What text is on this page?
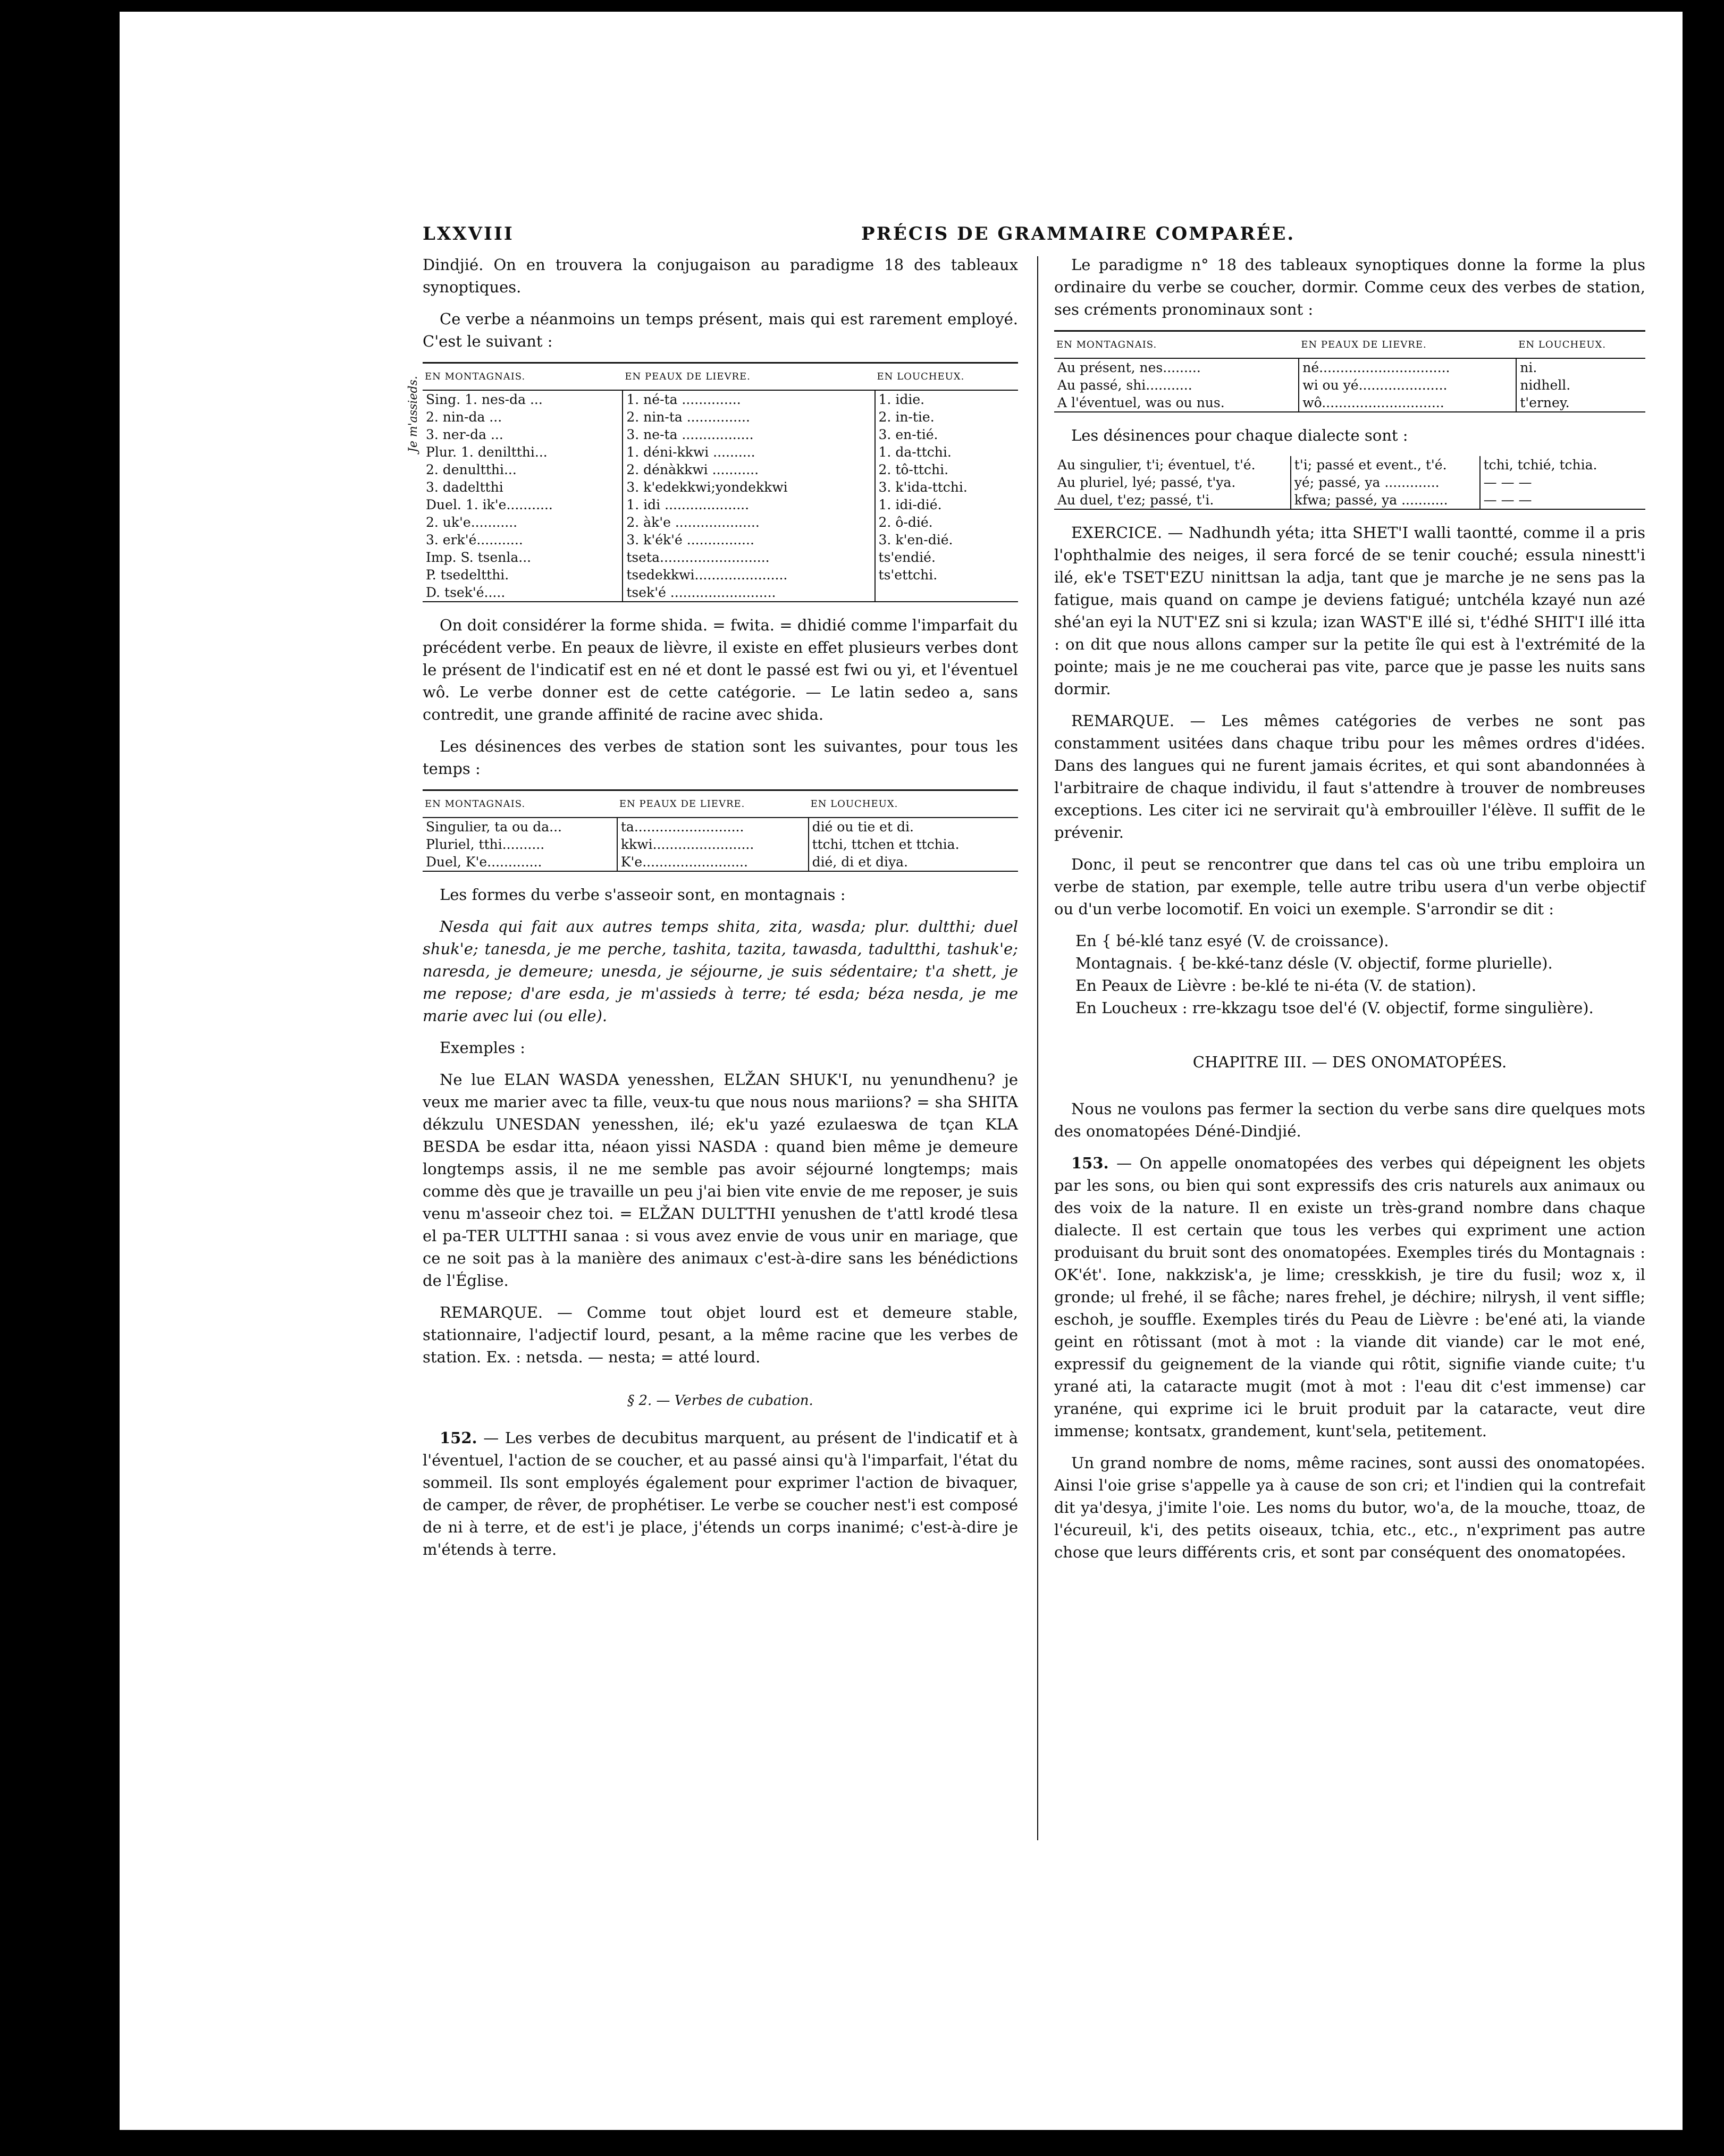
LXXVIII	PRÉCIS DE GRAMMAIRE COMPARÉE.

Dindjié. On en trouvera la conjugaison au paradigme 18 des tableaux synoptiques.

Ce verbe a néanmoins un temps présent, mais qui est rarement employé. C'est le suivant :

Je m'assieds. EN MONTAGNAIS.	EN PEAUX DE LIEVRE.	EN LOUCHEUX.
Sing. 1. nes-da ...	1. né-ta ..............	1. idie.
2. nin-da ...	2. nin-ta ...............	2. in-tie.
3. ner-da ...	3. ne-ta .................	3. en-tié.
Plur. 1. deniltthi...	1. déni-kkwi ..........	1. da-ttchi.
2. denultthi...	2. dénàkkwi ...........	2. tô-ttchi.
3. dadeltthi	3. k'edekkwi;yondekkwi	3. k'ida-ttchi.
Duel. 1. ik'e...........	1. idi ....................	1. idi-dié.
2. uk'e...........	2. àk'e ....................	2. ô-dié.
3. erk'é...........	3. k'ék'é ................	3. k'en-dié.
Imp. S. tsenla...	tseta..........................	ts'endié.
P. tsedeltthi.	tsedekkwi......................	ts'ettchi.
D. tsek'é.....	tsek'é .........................	

On doit considérer la forme shida. = fwita. = dhidié comme l'imparfait du précédent verbe. En peaux de lièvre, il existe en effet plusieurs verbes dont le présent de l'indicatif est en né et dont le passé est fwi ou yi, et l'éventuel wô. Le verbe donner est de cette catégorie. — Le latin sedeo a, sans contredit, une grande affinité de racine avec shida.

Les désinences des verbes de station sont les suivantes, pour tous les temps :

EN MONTAGNAIS.	EN PEAUX DE LIEVRE.	EN LOUCHEUX.
Singulier, ta ou da...	ta..........................	dié ou tie et di.
Pluriel, tthi..........	kkwi........................	ttchi, ttchen et ttchia.
Duel, K'e.............	K'e.........................	dié, di et diya.

Les formes du verbe s'asseoir sont, en montagnais :

Nesda qui fait aux autres temps shita, zita, wasda; plur. dultthi; duel shuk'e; tanesda, je me perche, tashita, tazita, tawasda, tadultthi, tashuk'e; naresda, je demeure; unesda, je séjourne, je suis sédentaire; t'a shett, je me repose; d'are esda, je m'assieds à terre; té esda; béza nesda, je me marie avec lui (ou elle).

Exemples :

Ne lue ELAN WASDA yenesshen, ELŽAN SHUK'I, nu yenundhenu? je veux me marier avec ta fille, veux-tu que nous nous mariions? = sha SHITA dékzulu UNESDAN yenesshen, ilé; ek'u yazé ezulaeswa de tçan KLA BESDA be esdar itta, néaon yissi NASDA : quand bien même je demeure longtemps assis, il ne me semble pas avoir séjourné longtemps; mais comme dès que je travaille un peu j'ai bien vite envie de me reposer, je suis venu m'asseoir chez toi. = ELŽAN DULTTHI yenushen de t'attl krodé tlesa el pa-TER ULTTHI sanaa : si vous avez envie de vous unir en mariage, que ce ne soit pas à la manière des animaux c'est-à-dire sans les bénédictions de l'Église.

REMARQUE. — Comme tout objet lourd est et demeure stable, stationnaire, l'adjectif lourd, pesant, a la même racine que les verbes de station. Ex. : netsda. — nesta; = atté lourd.

§ 2. — Verbes de cubation.

152. — Les verbes de decubitus marquent, au présent de l'indicatif et à l'éventuel, l'action de se coucher, et au passé ainsi qu'à l'imparfait, l'état du sommeil. Ils sont employés également pour exprimer l'action de bivaquer, de camper, de rêver, de prophétiser. Le verbe se coucher nest'i est composé de ni à terre, et de est'i je place, j'étends un corps inanimé; c'est-à-dire je m'étends à terre.

Le paradigme n° 18 des tableaux synoptiques donne la forme la plus ordinaire du verbe se coucher, dormir. Comme ceux des verbes de station, ses créments pronominaux sont :

EN MONTAGNAIS.	EN PEAUX DE LIEVRE.	EN LOUCHEUX.
Au présent, nes.........	né...............................	ni.
Au passé, shi...........	wi ou yé.....................	nidhell.
A l'éventuel, was ou nus.	wô.............................	t'erney.

Les désinences pour chaque dialecte sont :

Au singulier, t'i; éventuel, t'é.	t'i; passé et event., t'é.	tchi, tchié, tchia.
Au pluriel, lyé; passé, t'ya.	yé; passé, ya .............	— — —
Au duel, t'ez; passé, t'i.	kfwa; passé, ya ...........	— — —

EXERCICE. — Nadhundh yéta; itta SHET'I walli taontté, comme il a pris l'ophthalmie des neiges, il sera forcé de se tenir couché; essula ninestt'i ilé, ek'e TSET'EZU ninittsan la adja, tant que je marche je ne sens pas la fatigue, mais quand on campe je deviens fatigué; untchéla kzayé nun azé shé'an eyi la NUT'EZ sni si kzula; izan WAST'E illé si, t'édhé SHIT'I illé itta : on dit que nous allons camper sur la petite île qui est à l'extrémité de la pointe; mais je ne me coucherai pas vite, parce que je passe les nuits sans dormir.

REMARQUE. — Les mêmes catégories de verbes ne sont pas constamment usitées dans chaque tribu pour les mêmes ordres d'idées. Dans des langues qui ne furent jamais écrites, et qui sont abandonnées à l'arbitraire de chaque individu, il faut s'attendre à trouver de nombreuses exceptions. Les citer ici ne servirait qu'à embrouiller l'élève. Il suffit de le prévenir.

Donc, il peut se rencontrer que dans tel cas où une tribu emploira un verbe de station, par exemple, telle autre tribu usera d'un verbe objectif ou d'un verbe locomotif. En voici un exemple. S'arrondir se dit :

En { bé-klé tanz esyé (V. de croissance).
Montagnais. { be-kké-tanz désle (V. objectif, forme plurielle).
En Peaux de Lièvre : be-klé te ni-éta (V. de station).
En Loucheux : rre-kkzagu tsoe del'é (V. objectif, forme singulière).
CHAPITRE III. — DES ONOMATOPÉES.

Nous ne voulons pas fermer la section du verbe sans dire quelques mots des onomatopées Déné-Dindjié.

153. — On appelle onomatopées des verbes qui dépeignent les objets par les sons, ou bien qui sont expressifs des cris naturels aux animaux ou des voix de la nature. Il en existe un très-grand nombre dans chaque dialecte. Il est certain que tous les verbes qui expriment une action produisant du bruit sont des onomatopées. Exemples tirés du Montagnais : OK'ét'. Ione, nakkzisk'a, je lime; cresskkish, je tire du fusil; woz x, il gronde; ul frehé, il se fâche; nares frehel, je déchire; nilrysh, il vent siffle; eschoh, je souffle. Exemples tirés du Peau de Lièvre : be'ené ati, la viande geint en rôtissant (mot à mot : la viande dit viande) car le mot ené, expressif du geignement de la viande qui rôtit, signifie viande cuite; t'u yrané ati, la cataracte mugit (mot à mot : l'eau dit c'est immense) car yranéne, qui exprime ici le bruit produit par la cataracte, veut dire immense; kontsatx, grandement, kunt'sela, petitement.

Un grand nombre de noms, même racines, sont aussi des onomatopées. Ainsi l'oie grise s'appelle ya à cause de son cri; et l'indien qui la contrefait dit ya'desya, j'imite l'oie. Les noms du butor, wo'a, de la mouche, ttoaz, de l'écureuil, k'i, des petits oiseaux, tchia, etc., etc., n'expriment pas autre chose que leurs différents cris, et sont par conséquent des onomatopées.
